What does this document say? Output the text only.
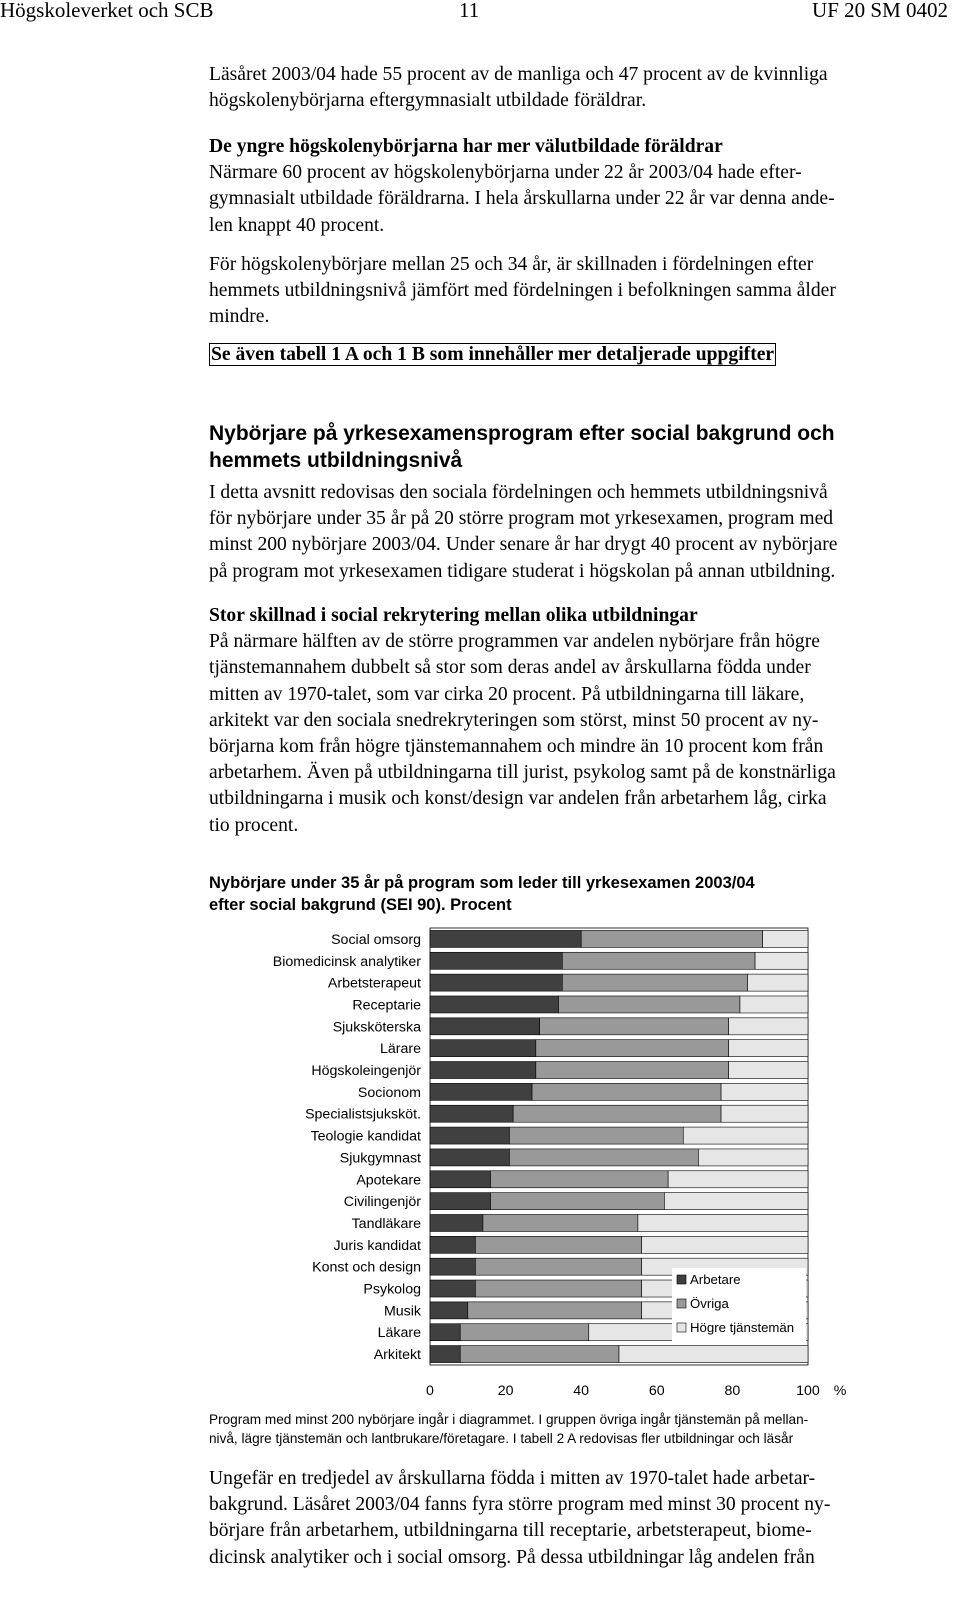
Högskoleverket och SCB	11	UF 20 SM 0402
Läsåret 2003/04 hade 55 procent av de manliga och 47 procent av de kvinnliga
högskolenybörjarna eftergymnasialt utbildade föräldrar.
De yngre högskolenybörjarna har mer välutbildade föräldrar
Närmare 60 procent av högskolenybörjarna under 22 år 2003/04 hade efter-
gymnasialt utbildade föräldrarna. I hela årskullarna under 22 år var denna ande-
len knappt 40 procent.
För högskolenybörjare mellan 25 och 34 år, är skillnaden i fördelningen efter
hemmets utbildningsnivå jämfört med fördelningen i befolkningen samma ålder
mindre.
Se även tabell 1 A och 1 B som innehåller mer detaljerade uppgifter
Nybörjare på yrkesexamensprogram efter social bakgrund och
hemmets utbildningsnivå
I detta avsnitt redovisas den sociala fördelningen och hemmets utbildningsnivå
för nybörjare under 35 år på 20 större program mot yrkesexamen, program med
minst 200 nybörjare 2003/04. Under senare år har drygt 40 procent av nybörjare
på program mot yrkesexamen tidigare studerat i högskolan på annan utbildning.
Stor skillnad i social rekrytering mellan olika utbildningar
På närmare hälften av de större programmen var andelen nybörjare från högre
tjänstemannahem dubbelt så stor som deras andel av årskullarna födda under
mitten av 1970-talet, som var cirka 20 procent. På utbildningarna till läkare,
arkitekt var den sociala snedrekryteringen som störst, minst 50 procent av ny-
börjarna kom från högre tjänstemannahem och mindre än 10 procent kom från
arbetarhem. Även på utbildningarna till jurist, psykolog samt på de konstnärliga
utbildningarna i musik och konst/design var andelen från arbetarhem låg, cirka
tio procent.
Nybörjare under 35 år på program som leder till yrkesexamen 2003/04
efter social bakgrund (SEI 90). Procent
Social omsorg
Biomedicinsk analytiker
Arbetsterapeut
Receptarie
Sjuksköterska
Lärare
Högskoleingenjör
Socionom
Specialistsjuksköt.
Teologie kandidat
Sjukgymnast
Apotekare
Civilingenjör
Tandläkare
Juris kandidat
Konst och design
Psykolog
Musik
Läkare
Arkitekt
0	20	40	60	80	100 %
Arbetare
Övriga
Högre tjänstemän
Program med minst 200 nybörjare ingår i diagrammet. I gruppen övriga ingår tjänstemän på mellan-
nivå, lägre tjänstemän och lantbrukare/företagare. I tabell 2 A redovisas fler utbildningar och läsår
Ungefär en tredjedel av årskullarna födda i mitten av 1970-talet hade arbetar-
bakgrund. Läsåret 2003/04 fanns fyra större program med minst 30 procent ny-
börjare från arbetarhem, utbildningarna till receptarie, arbetsterapeut, biome-
dicinsk analytiker och i social omsorg. På dessa utbildningar låg andelen från
